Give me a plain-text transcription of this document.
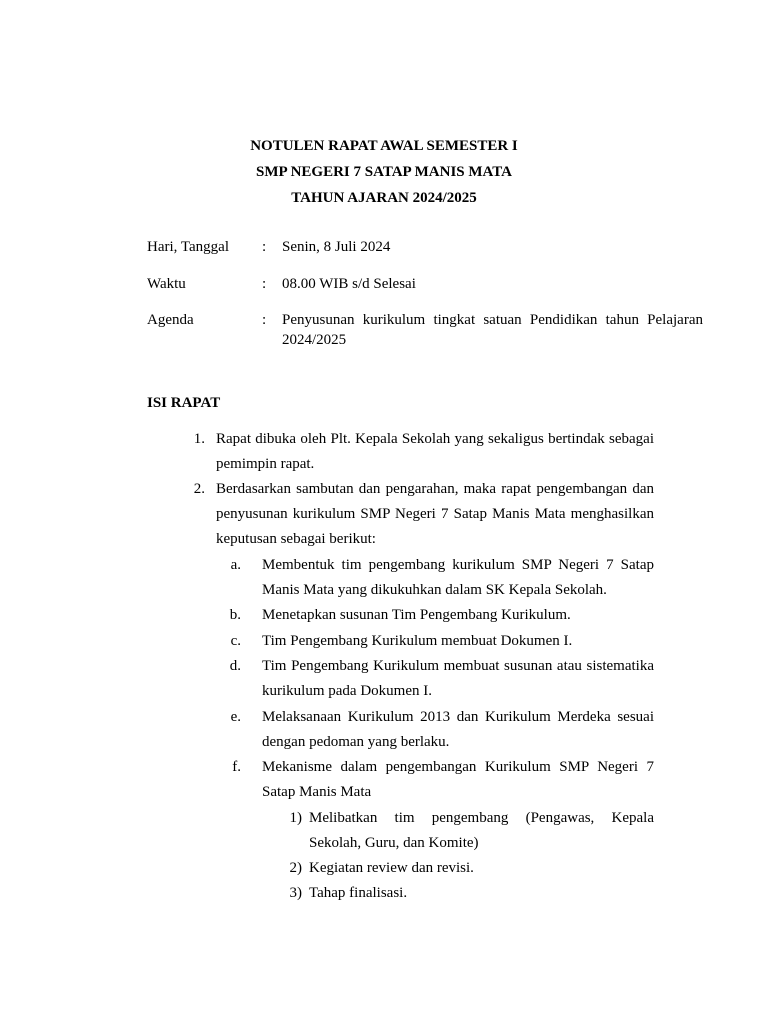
NOTULEN RAPAT AWAL SEMESTER I
SMP NEGERI 7 SATAP MANIS MATA
TAHUN AJARAN 2024/2025
Hari, Tanggal : Senin, 8 Juli 2024
Waktu	: 08.00 WIB s/d Selesai
Agenda	: Penyusunan kurikulum tingkat satuan Pendidikan tahun Pelajaran 2024/2025
ISI RAPAT
1. Rapat dibuka oleh Plt. Kepala Sekolah yang sekaligus bertindak sebagai pemimpin rapat.
2. Berdasarkan sambutan dan pengarahan, maka rapat pengembangan dan penyusunan kurikulum SMP Negeri 7 Satap Manis Mata menghasilkan keputusan sebagai berikut:
a. Membentuk tim pengembang kurikulum SMP Negeri 7 Satap Manis Mata yang dikukuhkan dalam SK Kepala Sekolah.
b. Menetapkan susunan Tim Pengembang Kurikulum.
c. Tim Pengembang Kurikulum membuat Dokumen I.
d. Tim Pengembang Kurikulum membuat susunan atau sistematika kurikulum pada Dokumen I.
e. Melaksanaan Kurikulum 2013 dan Kurikulum Merdeka sesuai dengan pedoman yang berlaku.
f. Mekanisme dalam pengembangan Kurikulum SMP Negeri 7 Satap Manis Mata
1) Melibatkan tim pengembang (Pengawas, Kepala Sekolah, Guru, dan Komite)
2) Kegiatan review dan revisi.
3) Tahap finalisasi.
